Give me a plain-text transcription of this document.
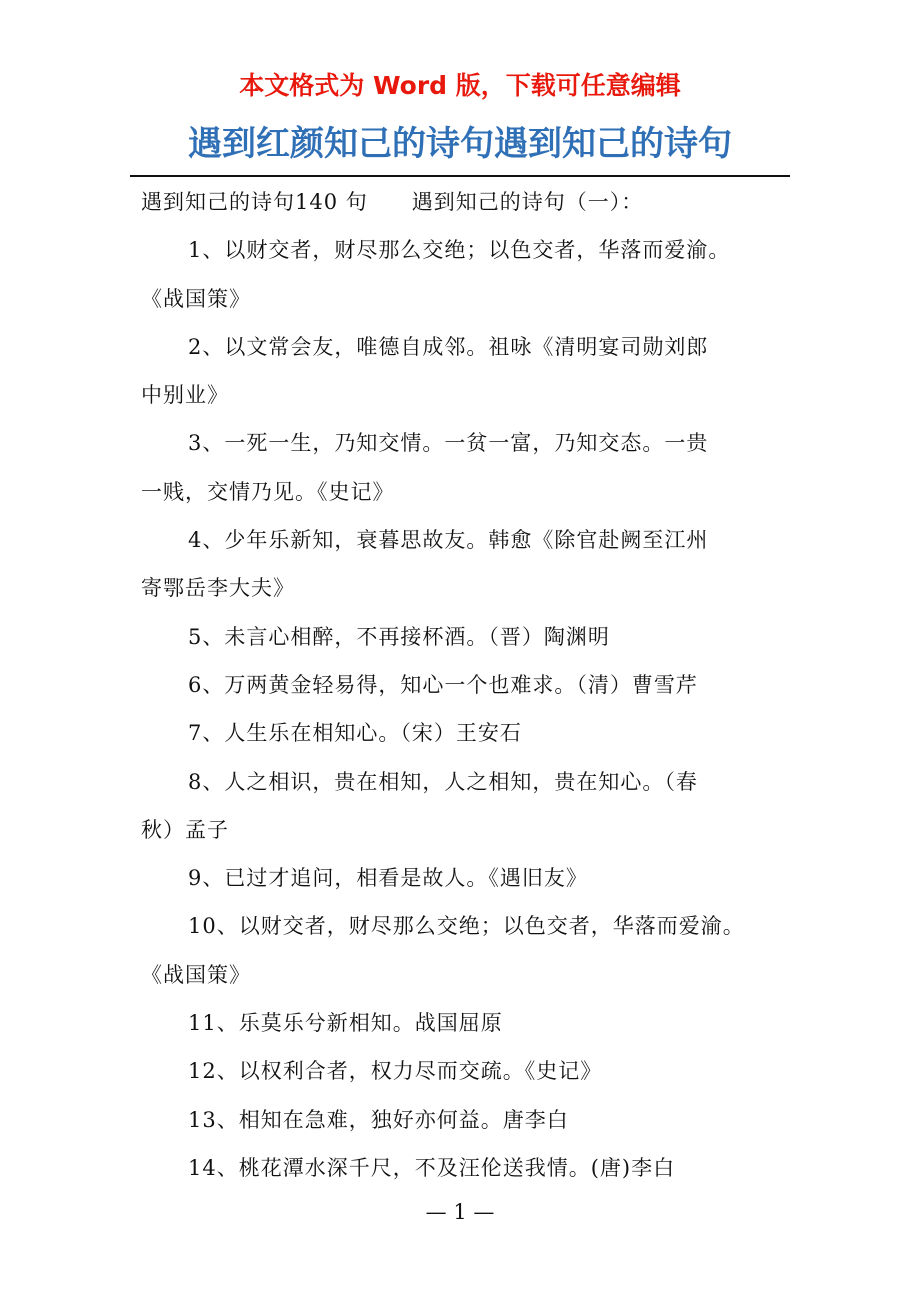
本文格式为 Word 版，下载可任意编辑
遇到红颜知己的诗句遇到知己的诗句

遇到知己的诗句140 句　　遇到知己的诗句（一）：

1、以财交者，财尽那么交绝；以色交者，华落而爱渝。

《战国策》

2、以文常会友，唯德自成邻。祖咏《清明宴司勋刘郎

中别业》

3、一死一生，乃知交情。一贫一富，乃知交态。一贵

一贱，交情乃见。《史记》

4、少年乐新知，衰暮思故友。韩愈《除官赴阙至江州

寄鄂岳李大夫》

5、未言心相醉，不再接杯酒。（晋）陶渊明

6、万两黄金轻易得，知心一个也难求。（清）曹雪芹

7、人生乐在相知心。（宋）王安石

8、人之相识，贵在相知，人之相知，贵在知心。（春

秋）孟子

9、已过才追问，相看是故人。《遇旧友》

10、以财交者，财尽那么交绝；以色交者，华落而爱渝。

《战国策》

11、乐莫乐兮新相知。战国屈原

12、以权利合者，权力尽而交疏。《史记》

13、相知在急难，独好亦何益。唐李白

14、桃花潭水深千尺，不及汪伦送我情。(唐)李白

— 1 —
